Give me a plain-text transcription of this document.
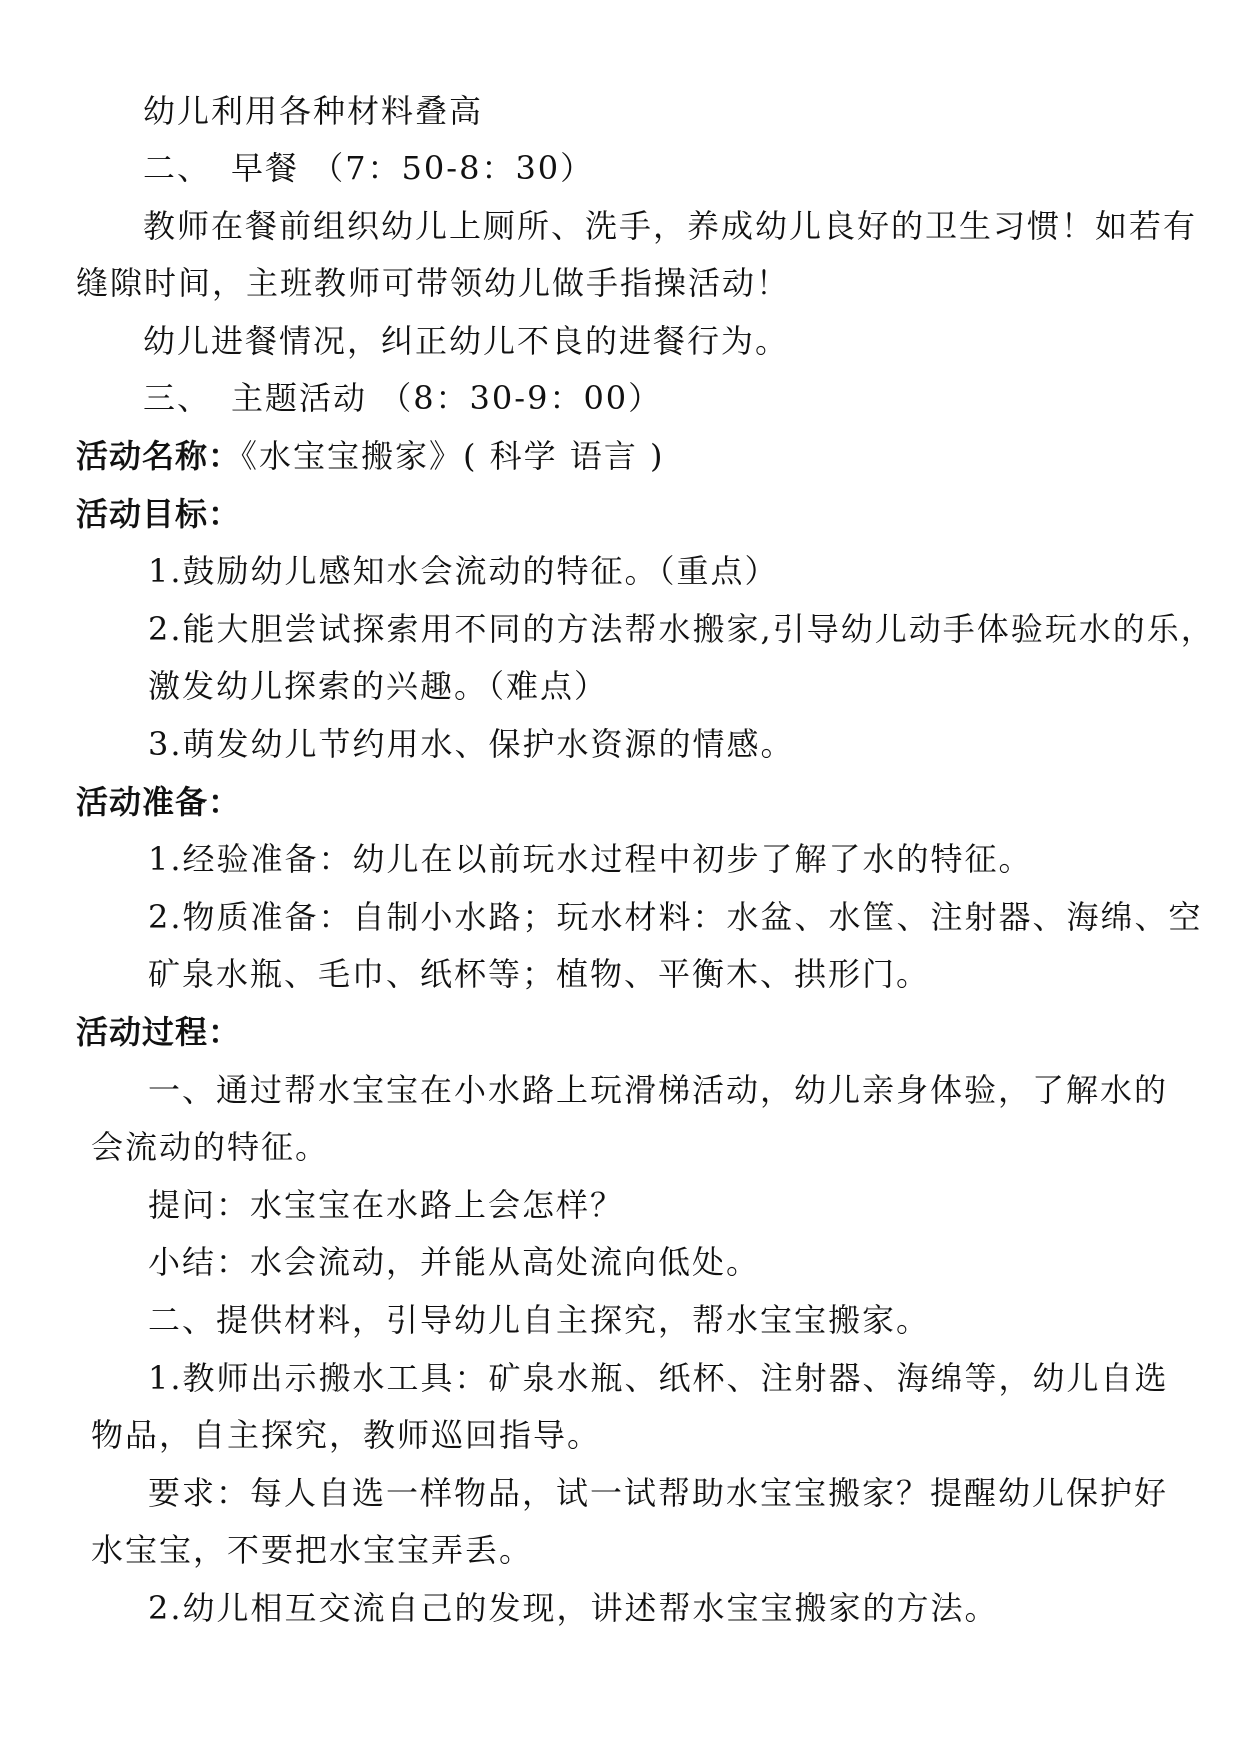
幼儿利用各种材料叠高
二、 早餐 （7：50-8：30）
教师在餐前组织幼儿上厕所、洗手，养成幼儿良好的卫生习惯！如若有
缝隙时间，主班教师可带领幼儿做手指操活动！
幼儿进餐情况，纠正幼儿不良的进餐行为。
三、 主题活动 （8：30-9：00）
活动名称：《水宝宝搬家》( 科学 语言 )
活动目标：
1.鼓励幼儿感知水会流动的特征。（重点）
2.能大胆尝试探索用不同的方法帮水搬家,引导幼儿动手体验玩水的乐，
激发幼儿探索的兴趣。（难点）
3.萌发幼儿节约用水、保护水资源的情感。
活动准备：
1.经验准备：幼儿在以前玩水过程中初步了解了水的特征。
2.物质准备：自制小水路；玩水材料：水盆、水筐、注射器、海绵、空
矿泉水瓶、毛巾、纸杯等；植物、平衡木、拱形门。
活动过程：
一、通过帮水宝宝在小水路上玩滑梯活动，幼儿亲身体验，了解水的
会流动的特征。
提问：水宝宝在水路上会怎样？
小结：水会流动，并能从高处流向低处。
二、提供材料，引导幼儿自主探究，帮水宝宝搬家。
1.教师出示搬水工具：矿泉水瓶、纸杯、注射器、海绵等，幼儿自选
物品，自主探究，教师巡回指导。
要求：每人自选一样物品，试一试帮助水宝宝搬家？提醒幼儿保护好
水宝宝，不要把水宝宝弄丢。
2.幼儿相互交流自己的发现，讲述帮水宝宝搬家的方法。
